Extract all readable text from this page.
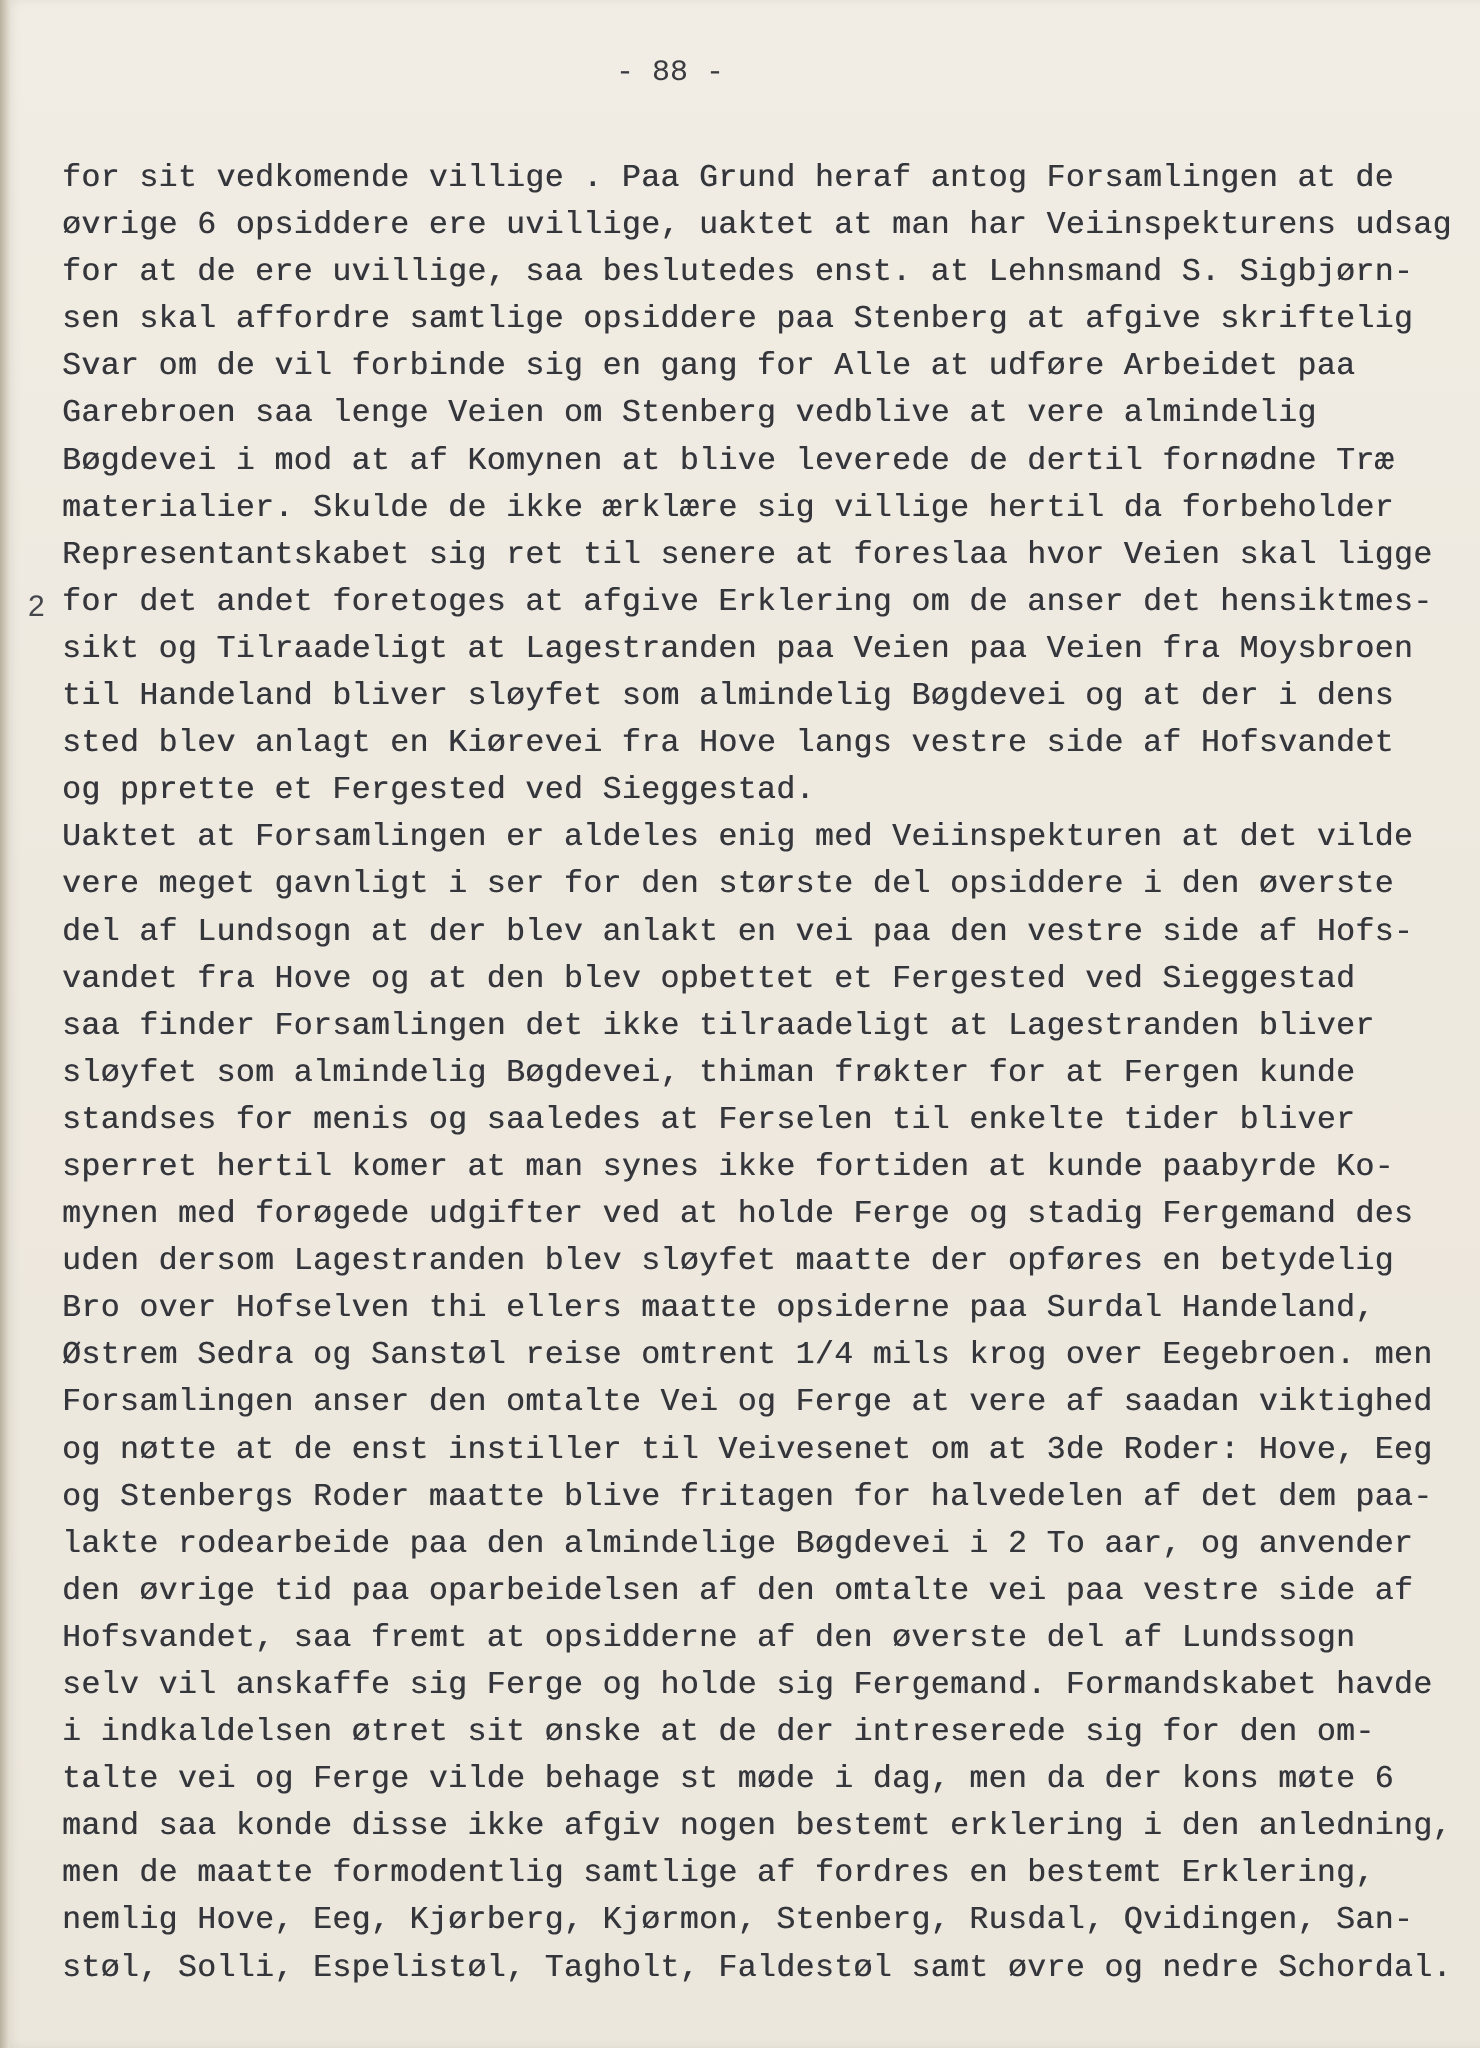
- 88 -
2
for sit vedkomende villige . Paa Grund heraf antog Forsamlingen at de
øvrige 6 opsiddere ere uvillige, uaktet at man har Veiinspekturens udsag
for at de ere uvillige, saa beslutedes enst. at Lehnsmand S. Sigbjørn-
sen skal affordre samtlige opsiddere paa Stenberg at afgive skriftelig
Svar om de vil forbinde sig en gang for Alle at udføre Arbeidet paa
Garebroen saa lenge Veien om Stenberg vedblive at vere almindelig
Bøgdevei i mod at af Komynen at blive leverede de dertil fornødne Træ
materialier. Skulde de ikke ærklære sig villige hertil da forbeholder
Representantskabet sig ret til senere at foreslaa hvor Veien skal ligge
for det andet foretoges at afgive Erklering om de anser det hensiktmes-
sikt og Tilraadeligt at Lagestranden paa Veien paa Veien fra Moysbroen
til Handeland bliver sløyfet som almindelig Bøgdevei og at der i dens
sted blev anlagt en Kiørevei fra Hove langs vestre side af Hofsvandet
og pprette et Fergested ved Sieggestad.
Uaktet at Forsamlingen er aldeles enig med Veiinspekturen at det vilde
vere meget gavnligt i ser for den største del opsiddere i den øverste
del af Lundsogn at der blev anlakt en vei paa den vestre side af Hofs-
vandet fra Hove og at den blev opbettet et Fergested ved Sieggestad
saa finder Forsamlingen det ikke tilraadeligt at Lagestranden bliver
sløyfet som almindelig Bøgdevei, thiman frøkter for at Fergen kunde
standses for menis og saaledes at Ferselen til enkelte tider bliver
sperret hertil komer at man synes ikke fortiden at kunde paabyrde Ko-
mynen med forøgede udgifter ved at holde Ferge og stadig Fergemand des
uden dersom Lagestranden blev sløyfet maatte der opføres en betydelig
Bro over Hofselven thi ellers maatte opsiderne paa Surdal Handeland,
Østrem Sedra og Sanstøl reise omtrent 1/4 mils krog over Eegebroen. men
Forsamlingen anser den omtalte Vei og Ferge at vere af saadan viktighed
og nøtte at de enst instiller til Veivesenet om at 3de Roder: Hove, Eeg
og Stenbergs Roder maatte blive fritagen for halvedelen af det dem paa-
lakte rodearbeide paa den almindelige Bøgdevei i 2 To aar, og anvender
den øvrige tid paa oparbeidelsen af den omtalte vei paa vestre side af
Hofsvandet, saa fremt at opsidderne af den øverste del af Lundssogn
selv vil anskaffe sig Ferge og holde sig Fergemand. Formandskabet havde
i indkaldelsen øtret sit ønske at de der intreserede sig for den om-
talte vei og Ferge vilde behage st møde i dag, men da der kons møte 6
mand saa konde disse ikke afgiv nogen bestemt erklering i den anledning,
men de maatte formodentlig samtlige af fordres en bestemt Erklering,
nemlig Hove, Eeg, Kjørberg, Kjørmon, Stenberg, Rusdal, Qvidingen, San-
støl, Solli, Espelistøl, Tagholt, Faldestøl samt øvre og nedre Schordal.
